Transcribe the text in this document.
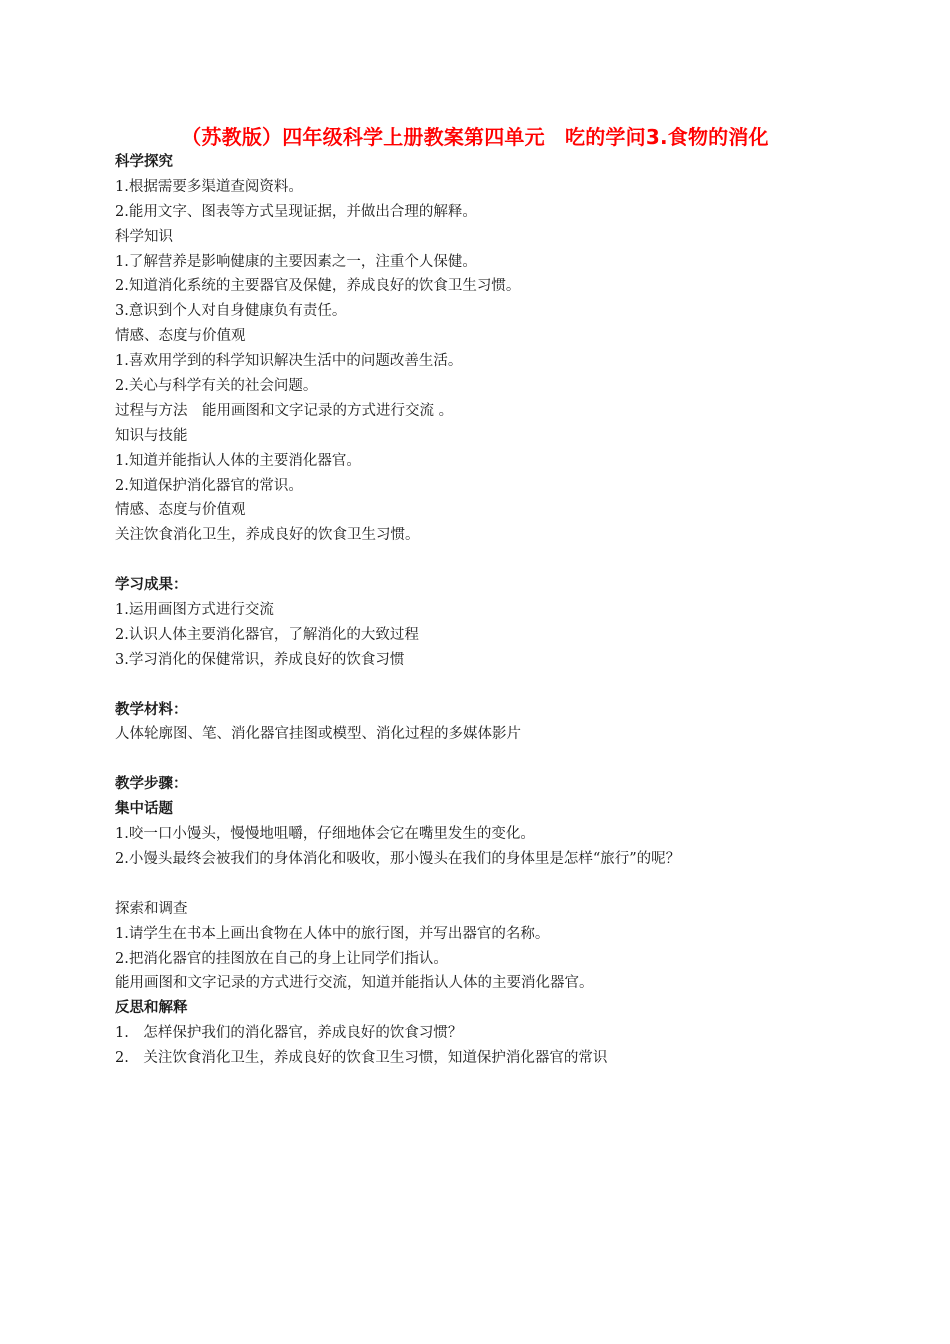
（苏教版）四年级科学上册教案第四单元　吃的学问3.食物的消化
科学探究
1.根据需要多渠道查阅资料。
2.能用文字、图表等方式呈现证据，并做出合理的解释。
科学知识
1.了解营养是影响健康的主要因素之一，注重个人保健。
2.知道消化系统的主要器官及保健，养成良好的饮食卫生习惯。
3.意识到个人对自身健康负有责任。
情感、态度与价值观
1.喜欢用学到的科学知识解决生活中的问题改善生活。
2.关心与科学有关的社会问题。
过程与方法　能用画图和文字记录的方式进行交流 。
知识与技能
1.知道并能指认人体的主要消化器官。
2.知道保护消化器官的常识。
情感、态度与价值观
关注饮食消化卫生，养成良好的饮食卫生习惯。
学习成果：
1.运用画图方式进行交流
2.认识人体主要消化器官，了解消化的大致过程
3.学习消化的保健常识，养成良好的饮食习惯
教学材料：
人体轮廓图、笔、消化器官挂图或模型、消化过程的多媒体影片
教学步骤：
集中话题
1.咬一口小馒头，慢慢地咀嚼，仔细地体会它在嘴里发生的变化。
2.小馒头最终会被我们的身体消化和吸收，那小馒头在我们的身体里是怎样“旅行”的呢？
探索和调查
1.请学生在书本上画出食物在人体中的旅行图，并写出器官的名称。
2.把消化器官的挂图放在自己的身上让同学们指认。
能用画图和文字记录的方式进行交流，知道并能指认人体的主要消化器官。
反思和解释
1.　怎样保护我们的消化器官，养成良好的饮食习惯？
2.　关注饮食消化卫生，养成良好的饮食卫生习惯，知道保护消化器官的常识
